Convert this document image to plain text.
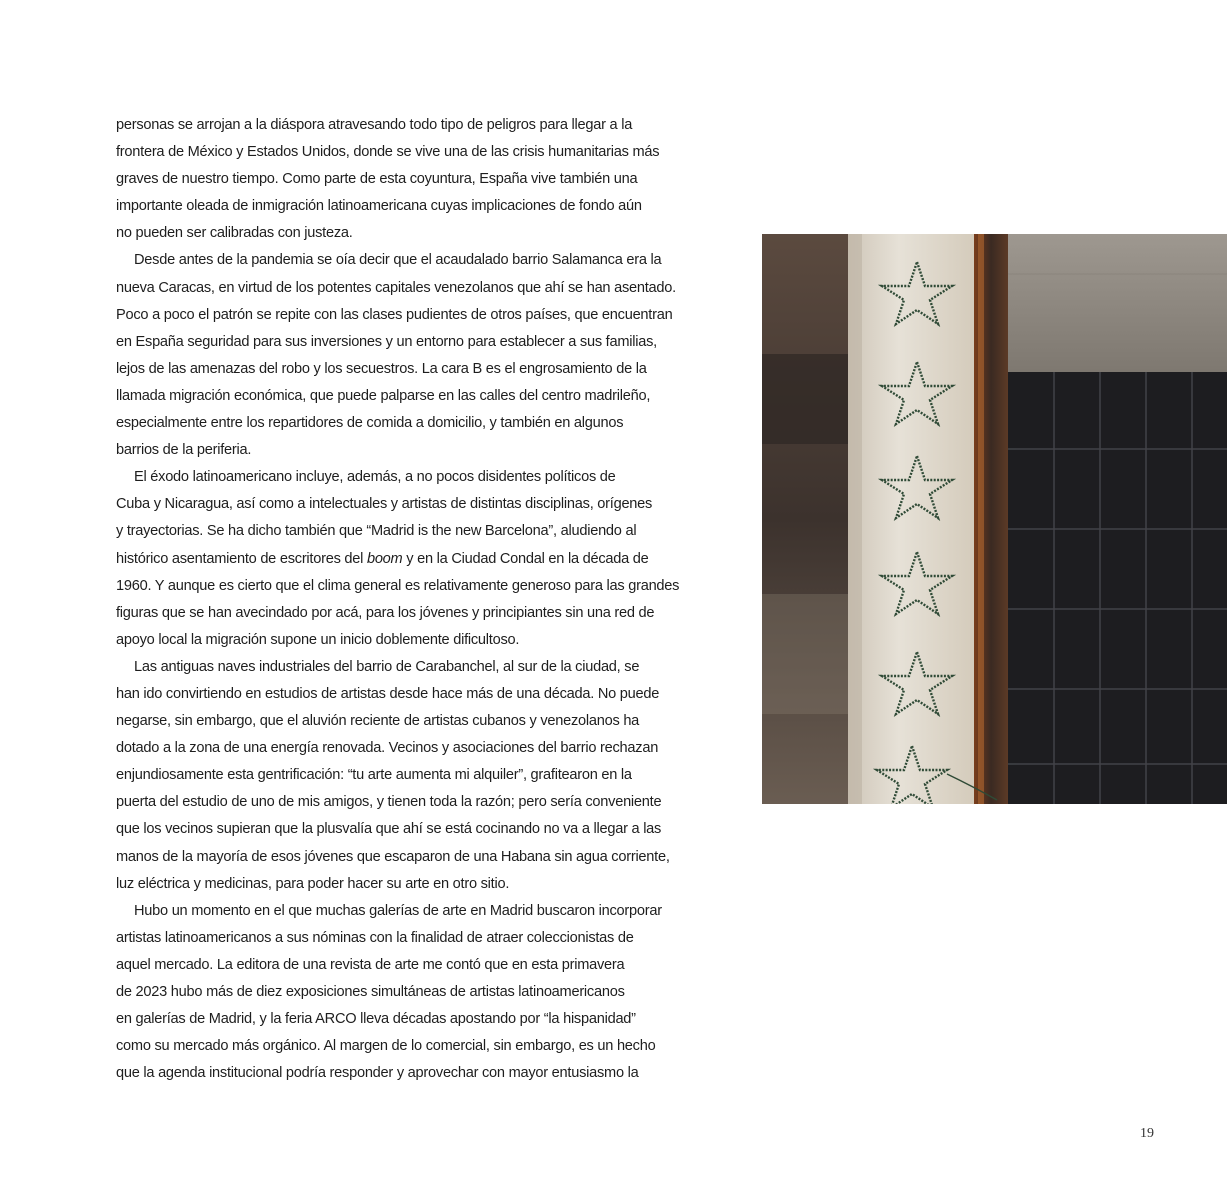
personas se arrojan a la diáspora atravesando todo tipo de peligros para llegar a la
frontera de México y Estados Unidos, donde se vive una de las crisis humanitarias más
graves de nuestro tiempo. Como parte de esta coyuntura, España vive también una
importante oleada de inmigración latinoamericana cuyas implicaciones de fondo aún
no pueden ser calibradas con justeza.

Desde antes de la pandemia se oía decir que el acaudalado barrio Salamanca era la
nueva Caracas, en virtud de los potentes capitales venezolanos que ahí se han asentado.
Poco a poco el patrón se repite con las clases pudientes de otros países, que encuentran
en España seguridad para sus inversiones y un entorno para establecer a sus familias,
lejos de las amenazas del robo y los secuestros. La cara B es el engrosamiento de la
llamada migración económica, que puede palparse en las calles del centro madrileño,
especialmente entre los repartidores de comida a domicilio, y también en algunos
barrios de la periferia.

El éxodo latinoamericano incluye, además, a no pocos disidentes políticos de
Cuba y Nicaragua, así como a intelectuales y artistas de distintas disciplinas, orígenes
y trayectorias. Se ha dicho también que “Madrid is the new Barcelona”, aludiendo al
histórico asentamiento de escritores del boom y en la Ciudad Condal en la década de
1960. Y aunque es cierto que el clima general es relativamente generoso para las grandes
figuras que se han avecindado por acá, para los jóvenes y principiantes sin una red de
apoyo local la migración supone un inicio doblemente dificultoso.

Las antiguas naves industriales del barrio de Carabanchel, al sur de la ciudad, se
han ido convirtiendo en estudios de artistas desde hace más de una década. No puede
negarse, sin embargo, que el aluvión reciente de artistas cubanos y venezolanos ha
dotado a la zona de una energía renovada. Vecinos y asociaciones del barrio rechazan
enjundiosamente esta gentrificación: “tu arte aumenta mi alquiler”, grafitearon en la
puerta del estudio de uno de mis amigos, y tienen toda la razón; pero sería conveniente
que los vecinos supieran que la plusvalía que ahí se está cocinando no va a llegar a las
manos de la mayoría de esos jóvenes que escaparon de una Habana sin agua corriente,
luz eléctrica y medicinas, para poder hacer su arte en otro sitio.

Hubo un momento en el que muchas galerías de arte en Madrid buscaron incorporar
artistas latinoamericanos a sus nóminas con la finalidad de atraer coleccionistas de
aquel mercado. La editora de una revista de arte me contó que en esta primavera
de 2023 hubo más de diez exposiciones simultáneas de artistas latinoamericanos
en galerías de Madrid, y la feria ARCO lleva décadas apostando por “la hispanidad”
como su mercado más orgánico. Al margen de lo comercial, sin embargo, es un hecho
que la agenda institucional podría responder y aprovechar con mayor entusiasmo la

19
